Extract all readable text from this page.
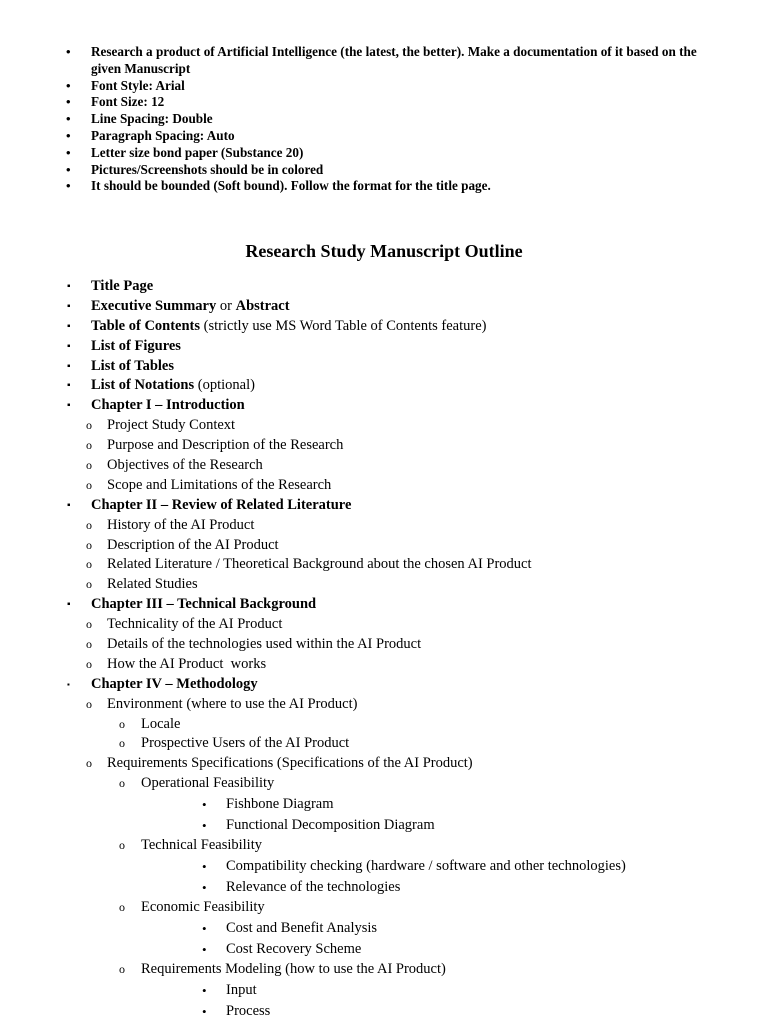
• Research a product of Artificial Intelligence (the latest, the better). Make a documentation of it based on the given Manuscript
• Font Style: Arial
• Font Size: 12
• Line Spacing: Double
• Paragraph Spacing: Auto
• Letter size bond paper (Substance 20)
• Pictures/Screenshots should be in colored
• It should be bounded (Soft bound). Follow the format for the title page.
Research Study Manuscript Outline
▪ Title Page
▪ Executive Summary or Abstract
▪ Table of Contents (strictly use MS Word Table of Contents feature)
▪ List of Figures
▪ List of Tables
▪ List of Notations (optional)
▪ Chapter I – Introduction
o Project Study Context
o Purpose and Description of the Research
o Objectives of the Research
o Scope and Limitations of the Research
▪ Chapter II – Review of Related Literature
o History of the AI Product
o Description of the AI Product
o Related Literature / Theoretical Background about the chosen AI Product
o Related Studies
▪ Chapter III – Technical Background
o Technicality of the AI Product
o Details of the technologies used within the AI Product
o How the AI Product  works
▪ Chapter IV – Methodology
o Environment (where to use the AI Product)
o Locale
o Prospective Users of the AI Product
o Requirements Specifications (Specifications of the AI Product)
o Operational Feasibility
• Fishbone Diagram
• Functional Decomposition Diagram
o Technical Feasibility
• Compatibility checking (hardware / software and other technologies)
• Relevance of the technologies
o Economic Feasibility
• Cost and Benefit Analysis
• Cost Recovery Scheme
o Requirements Modeling (how to use the AI Product)
• Input
• Process
